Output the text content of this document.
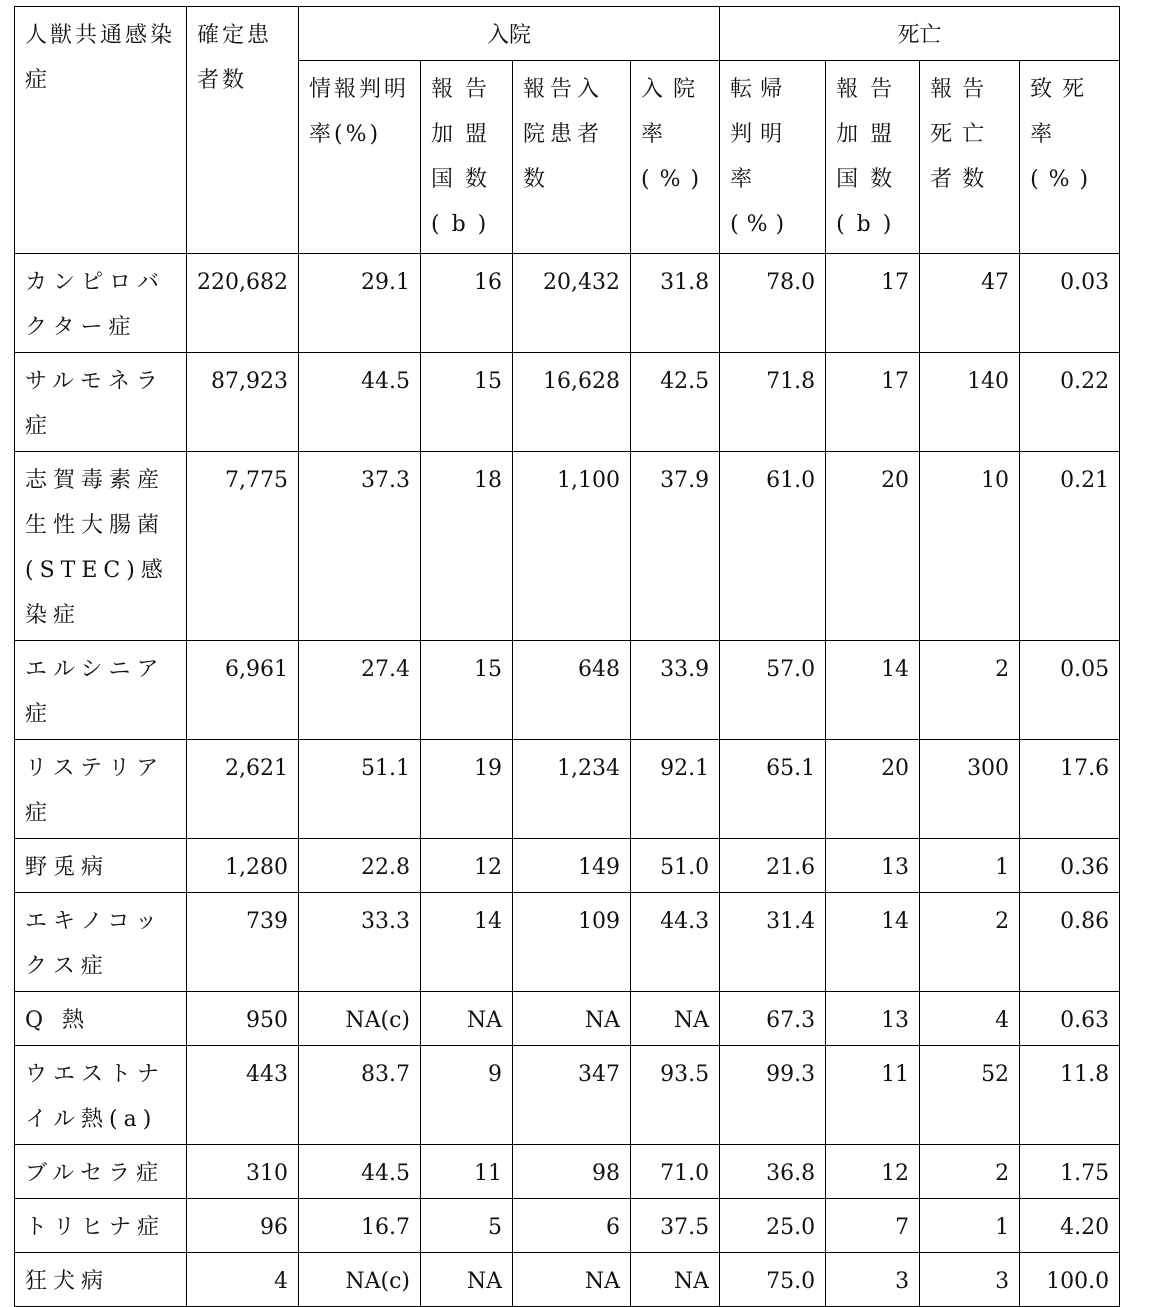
人獣共通感染症	確定患者数	入院				死亡			
		情報判明率(%)	報告加盟国数(b)	報告入院患者数	入院率(%)	転帰判明率(%)	報告加盟国数(b)	報告死亡者数	致死率(%)
カンピロバクター症	220,682	29.1	16	20,432	31.8	78.0	17	47	0.03
サルモネラ症	87,923	44.5	15	16,628	42.5	71.8	17	140	0.22
志賀毒素産生性大腸菌(STEC)感染症	7,775	37.3	18	1,100	37.9	61.0	20	10	0.21
エルシニア症	6,961	27.4	15	648	33.9	57.0	14	2	0.05
リステリア症	2,621	51.1	19	1,234	92.1	65.1	20	300	17.6
野兎病	1,280	22.8	12	149	51.0	21.6	13	1	0.36
エキノコックス症	739	33.3	14	109	44.3	31.4	14	2	0.86
Q 熱	950	NA(c)	NA	NA	NA	67.3	13	4	0.63
ウエストナイル熱(a)	443	83.7	9	347	93.5	99.3	11	52	11.8
ブルセラ症	310	44.5	11	98	71.0	36.8	12	2	1.75
トリヒナ症	96	16.7	5	6	37.5	25.0	7	1	4.20
狂犬病	4	NA(c)	NA	NA	NA	75.0	3	3	100.0
